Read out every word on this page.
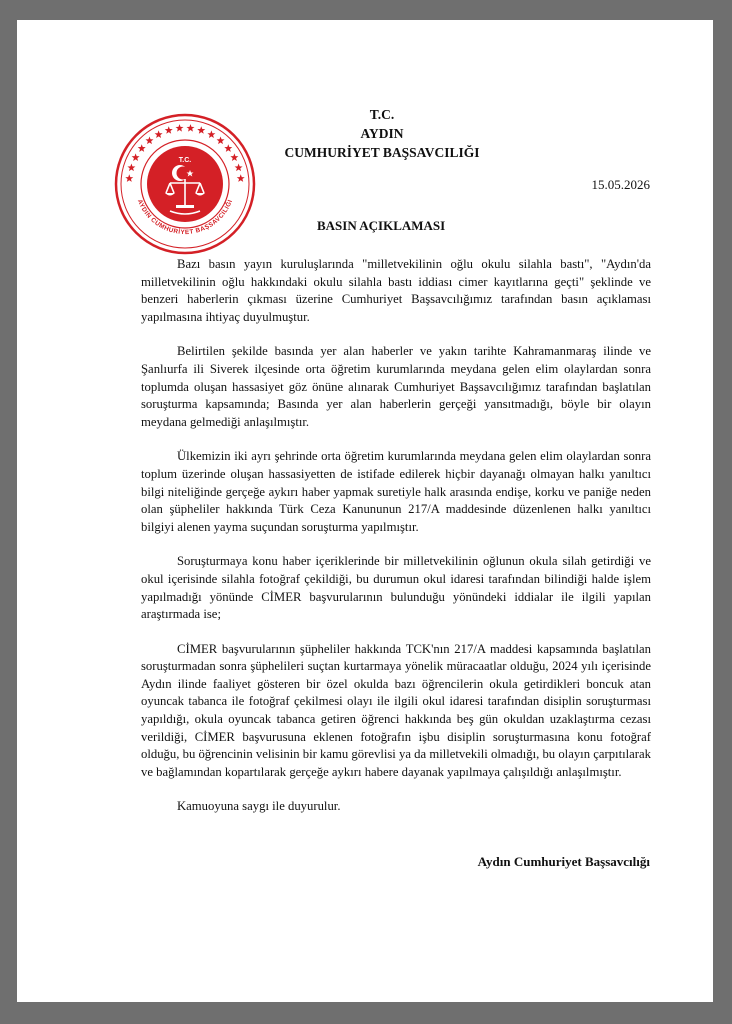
T.C.
AYDIN CUMHURİYET BAŞSAVCILIĞI
T.C.
AYDIN
CUMHURİYET BAŞSAVCILIĞI
15.05.2026
BASIN AÇIKLAMASI

Bazı basın yayın kuruluşlarında "milletvekilinin oğlu okulu silahla bastı", "Aydın'da milletvekilinin oğlu hakkındaki okulu silahla bastı iddiası cimer kayıtlarına geçti" şeklinde ve benzeri haberlerin çıkması üzerine Cumhuriyet Başsavcılığımız tarafından basın açıklaması yapılmasına ihtiyaç duyulmuştur.

Belirtilen şekilde basında yer alan haberler ve yakın tarihte Kahramanmaraş ilinde ve Şanlıurfa ili Siverek ilçesinde orta öğretim kurumlarında meydana gelen elim olaylardan sonra toplumda oluşan hassasiyet göz önüne alınarak Cumhuriyet Başsavcılığımız tarafından başlatılan soruşturma kapsamında; Basında yer alan haberlerin gerçeği yansıtmadığı, böyle bir olayın meydana gelmediği anlaşılmıştır.

Ülkemizin iki ayrı şehrinde orta öğretim kurumlarında meydana gelen elim olaylardan sonra toplum üzerinde oluşan hassasiyetten de istifade edilerek hiçbir dayanağı olmayan halkı yanıltıcı bilgi niteliğinde gerçeğe aykırı haber yapmak suretiyle halk arasında endişe, korku ve paniğe neden olan şüpheliler hakkında Türk Ceza Kanununun 217/A maddesinde düzenlenen halkı yanıltıcı bilgiyi alenen yayma suçundan soruşturma yapılmıştır.

Soruşturmaya konu haber içeriklerinde bir milletvekilinin oğlunun okula silah getirdiği ve okul içerisinde silahla fotoğraf çekildiği, bu durumun okul idaresi tarafından bilindiği halde işlem yapılmadığı yönünde CİMER başvurularının bulunduğu yönündeki iddialar ile ilgili yapılan araştırmada ise;

CİMER başvurularının şüpheliler hakkında TCK'nın 217/A maddesi kapsamında başlatılan soruşturmadan sonra şüphelileri suçtan kurtarmaya yönelik müracaatlar olduğu, 2024 yılı içerisinde Aydın ilinde faaliyet gösteren bir özel okulda bazı öğrencilerin okula getirdikleri boncuk atan oyuncak tabanca ile fotoğraf çekilmesi olayı ile ilgili okul idaresi tarafından disiplin soruşturması yapıldığı, okula oyuncak tabanca getiren öğrenci hakkında beş gün okuldan uzaklaştırma cezası verildiği, CİMER başvurusuna eklenen fotoğrafın işbu disiplin soruşturmasına konu fotoğraf olduğu, bu öğrencinin velisinin bir kamu görevlisi ya da milletvekili olmadığı, bu olayın çarpıtılarak ve bağlamından kopartılarak gerçeğe aykırı habere dayanak yapılmaya çalışıldığı anlaşılmıştır.

Kamuoyuna saygı ile duyurulur.

Aydın Cumhuriyet Başsavcılığı
